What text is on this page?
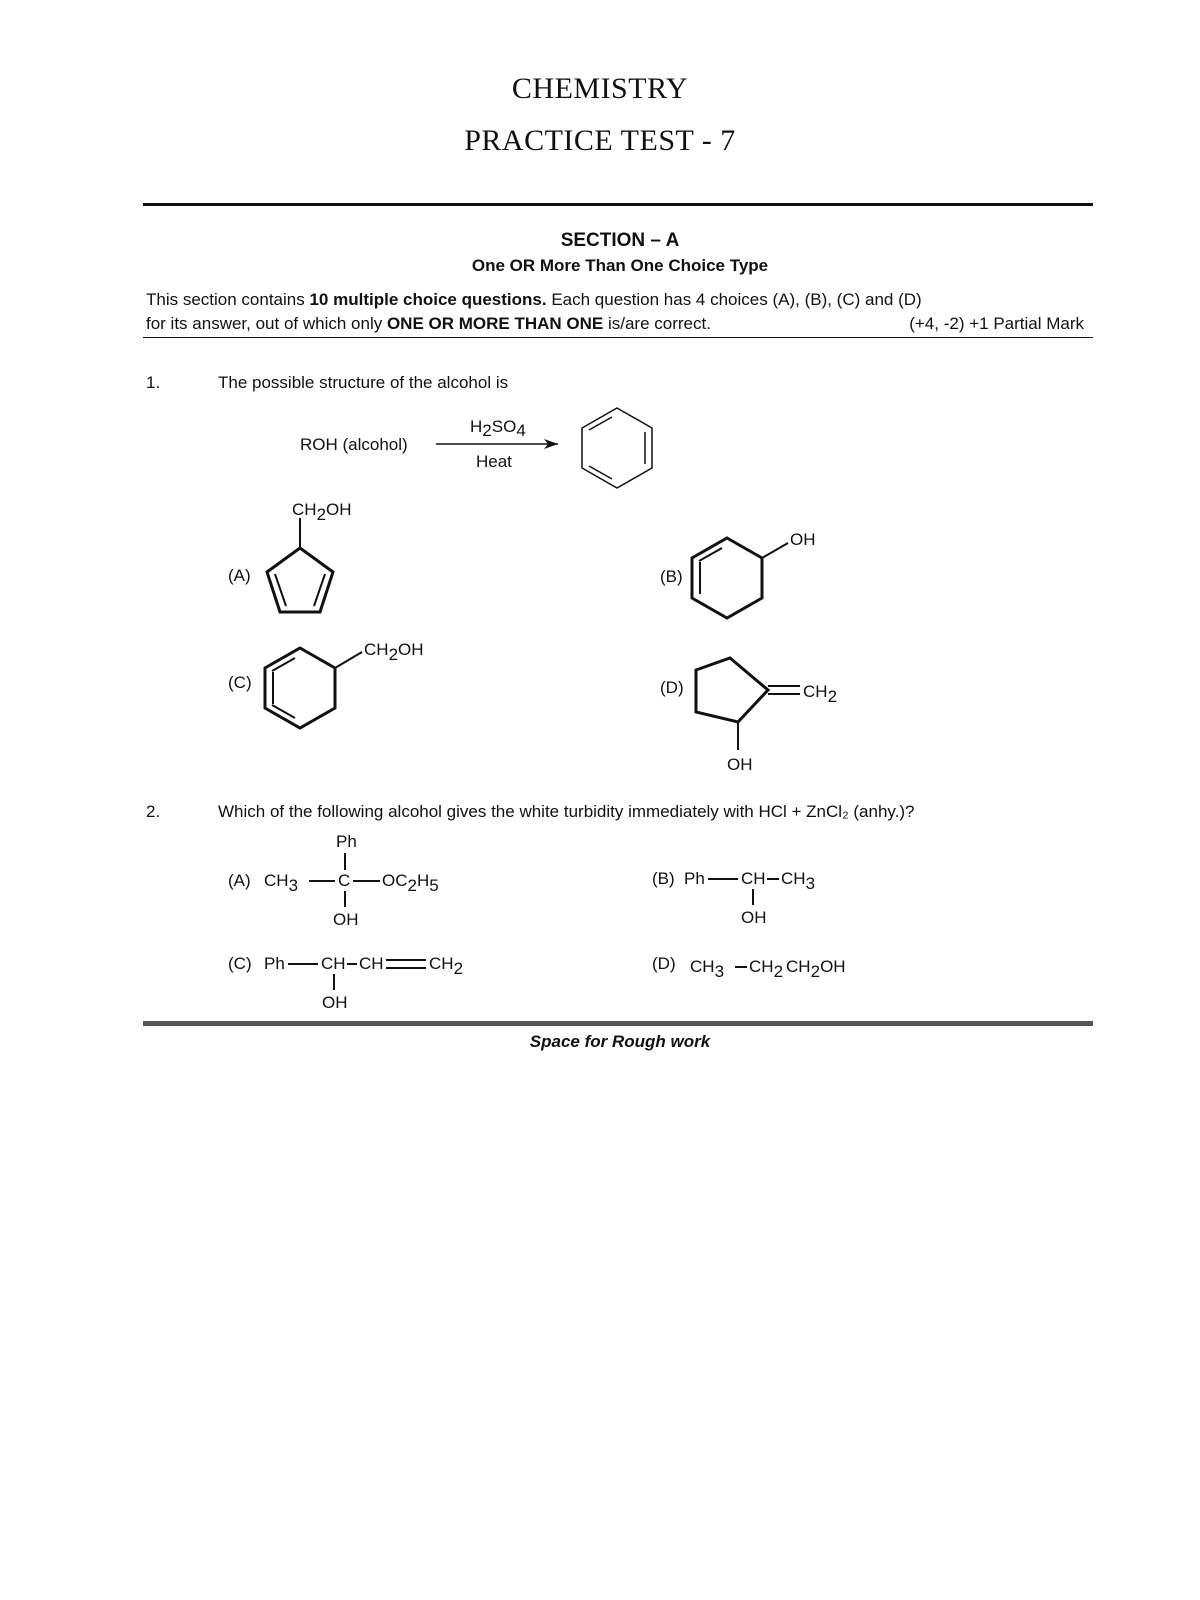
CHEMISTRY
PRACTICE TEST - 7
SECTION – A
One OR More Than One Choice Type
This section contains 10 multiple choice questions. Each question has 4 choices (A), (B), (C) and (D)
for its answer, out of which only ONE OR MORE THAN ONE is/are correct.	(+4, -2) +1 Partial Mark
1.	The possible structure of the alcohol is
ROH (alcohol)
H2SO4
Heat
(A)
CH2OH
(B)
OH
(C)
CH2OH
(D)	CH2
OH
(A)
Ph
CH3 C OC2H5
OH
(B) Ph CH CH3
OH
(C) Ph CH CH	CH2
OH
(D) CH3 CH2 CH2OH
2.	Which of the following alcohol gives the white turbidity immediately with HCl + ZnCl₂ (anhy.)?
Space for Rough work
